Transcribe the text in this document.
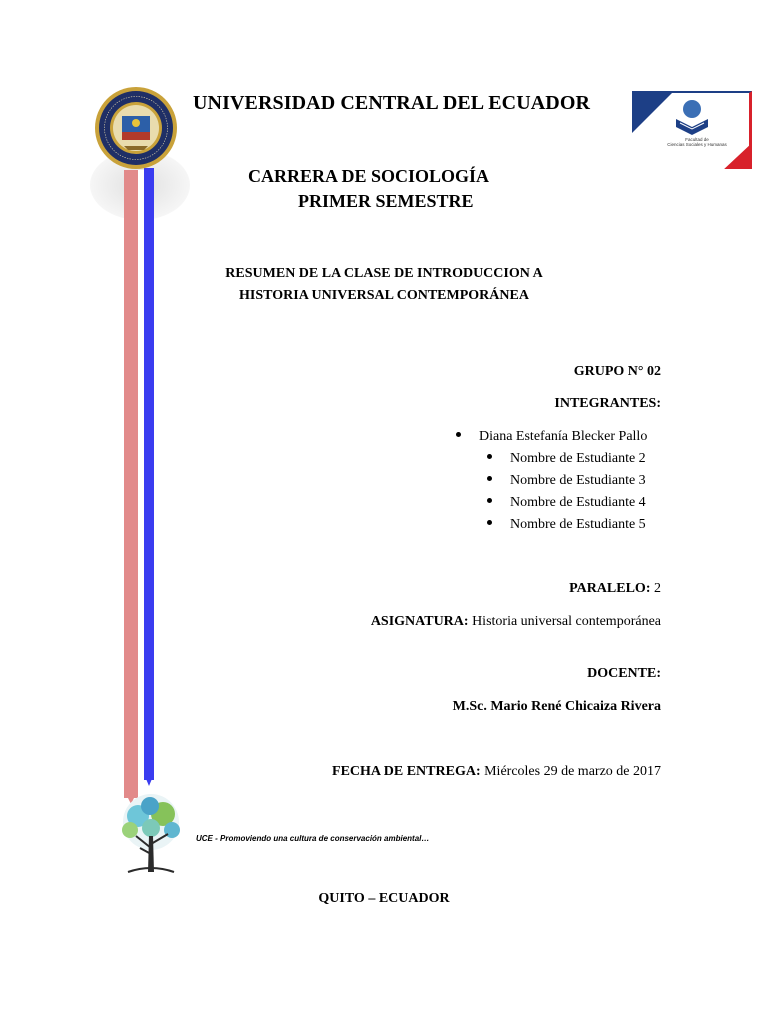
Facultad de
Ciencias Sociales y Humanas
UNIVERSIDAD CENTRAL DEL ECUADOR
CARRERA DE SOCIOLOGÍA
PRIMER SEMESTRE
RESUMEN DE LA CLASE DE INTRODUCCION A
HISTORIA UNIVERSAL CONTEMPORÁNEA
GRUPO N° 02
INTEGRANTES:
Diana Estefanía Blecker Pallo
Nombre de Estudiante 2
Nombre de Estudiante 3
Nombre de Estudiante 4
Nombre de Estudiante 5
PARALELO: 2
ASIGNATURA: Historia universal contemporánea
DOCENTE:
M.Sc. Mario René Chicaiza Rivera
FECHA DE ENTREGA: Miércoles 29 de marzo de 2017
UCE - Promoviendo una cultura de conservación ambiental…
QUITO – ECUADOR
